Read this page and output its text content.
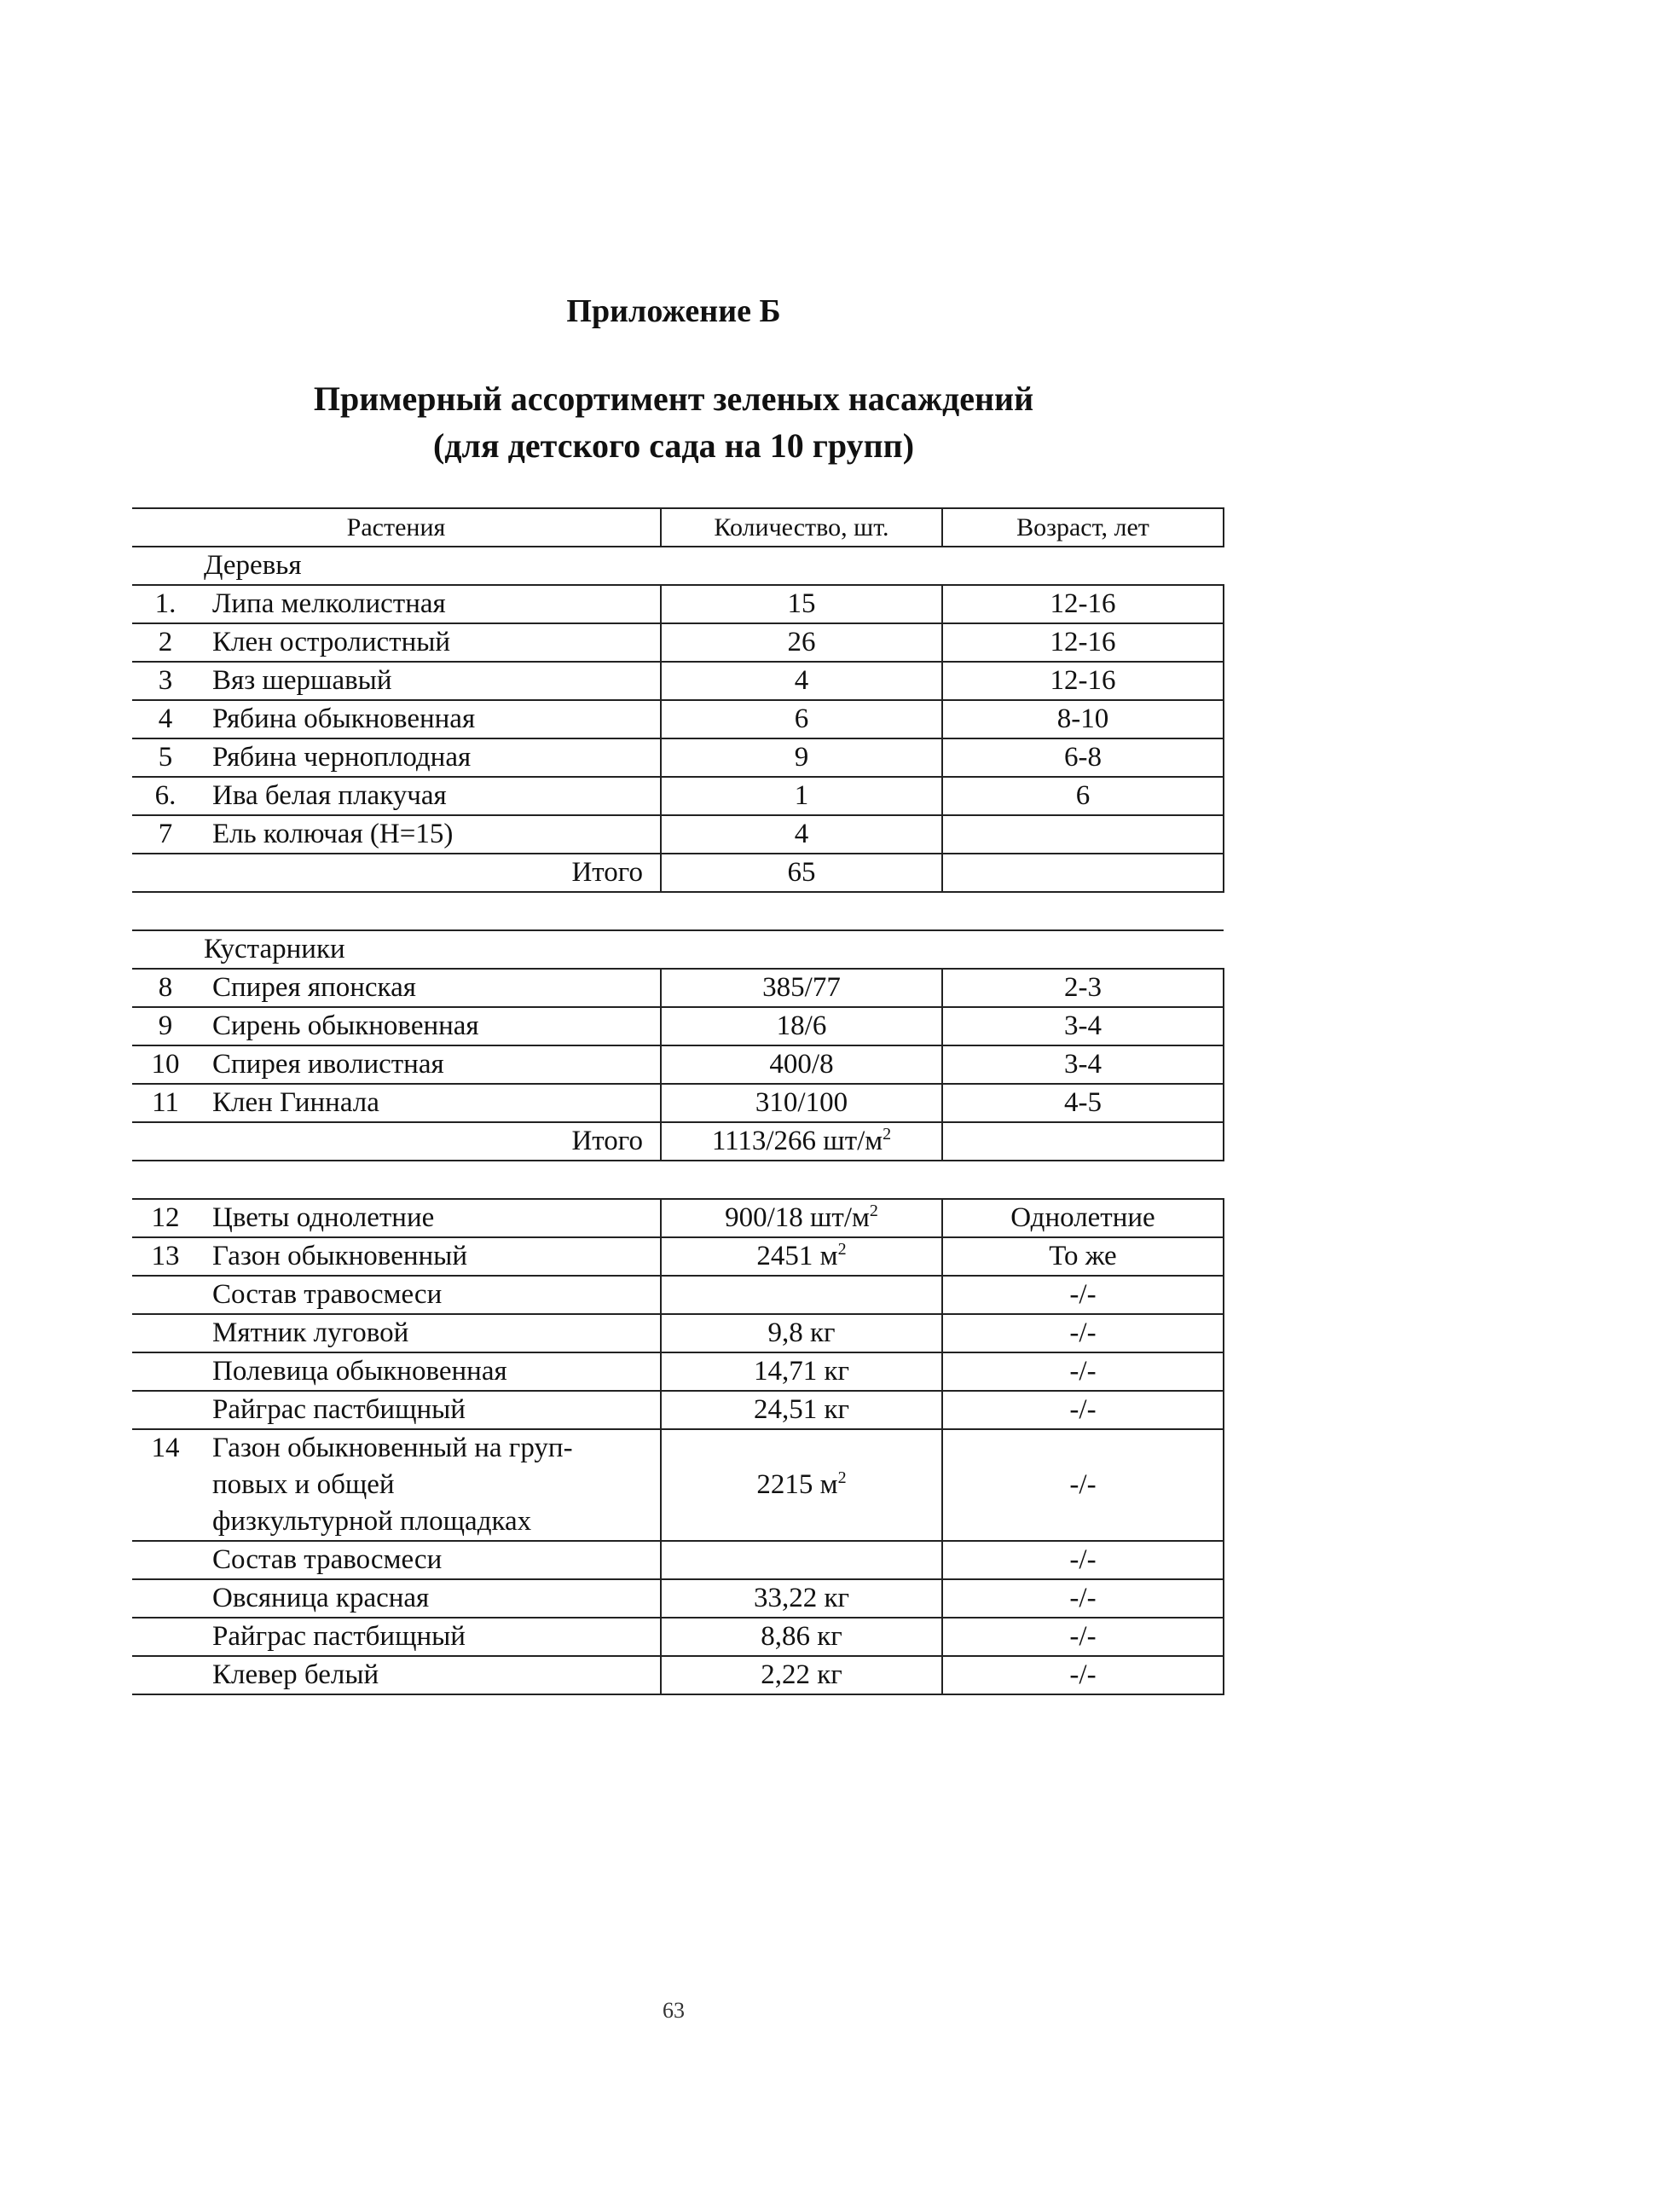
Приложение Б
Примерный ассортимент зеленых насаждений
(для детского сада на 10 групп)
Растения	Количество, шт.	Возраст, лет
Деревья		
1. Липа мелколистная	15	12-16
2 Клен остролистный	26	12-16
3 Вяз шершавый	4	12-16
4 Рябина обыкновенная	6	8-10
5 Рябина черноплодная	9	6-8
6. Ива белая плакучая	1	6
7 Ель колючая (Н=15)	4	
Итого	65	

Кустарники		
8 Спирея японская	385/77	2-3
9 Сирень обыкновенная	18/6	3-4
10 Спирея иволистная	400/8	3-4
11 Клен Гиннала	310/100	4-5
Итого	1113/266 $шт/м^2$	

12 Цветы однолетние	900/18 $шт/м^2$	Однолетние
13 Газон обыкновенный	2451 $м^2$	То же
Состав травосмеси		-/-
Мятник луговой	9,8 кг	-/-
Полевица обыкновенная	14,71 кг	-/-
Райграс пастбищный	24,51 кг	-/-
14 Газон обыкновенный на груп-
повых и общей
физкультурной площадках	2215 $м^2$	-/-
Состав травосмеси		-/-
Овсяница красная	33,22 кг	-/-
Райграс пастбищный	8,86 кг	-/-
Клевер белый	2,22 кг	-/-
63
